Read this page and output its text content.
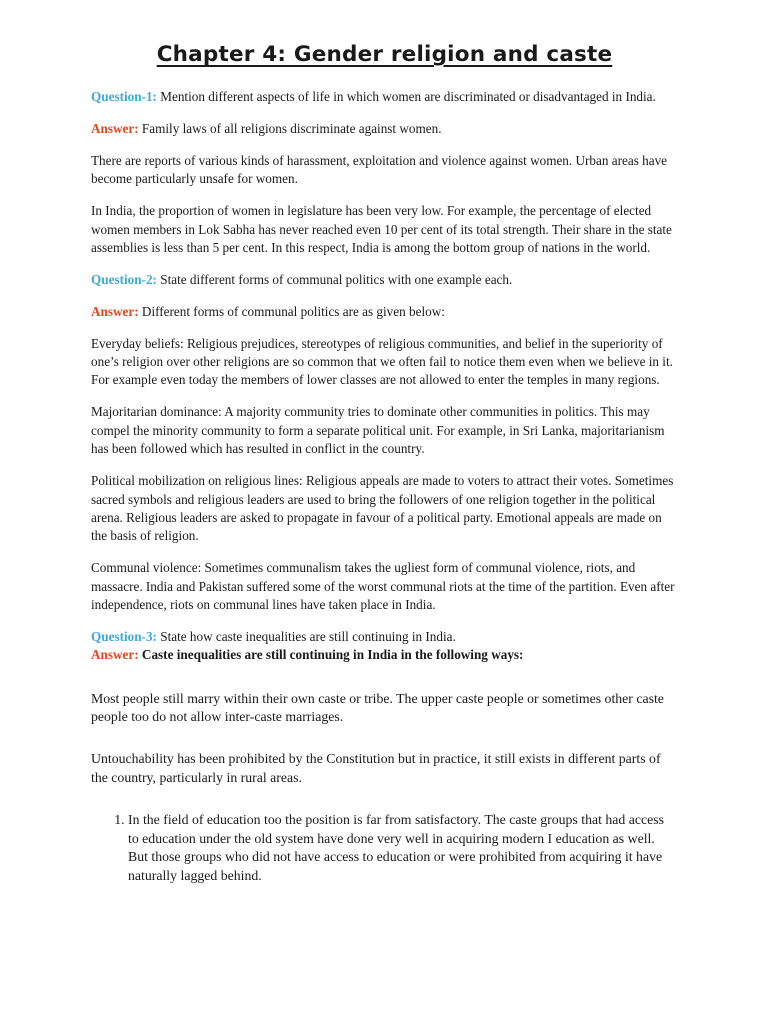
Chapter 4: Gender religion and caste

Question-1: Mention different aspects of life in which women are discriminated or disadvantaged in India.

Answer: Family laws of all religions discriminate against women.

There are reports of various kinds of harassment, exploitation and violence against women. Urban areas have become particularly unsafe for women.

In India, the proportion of women in legislature has been very low. For example, the percentage of elected women members in Lok Sabha has never reached even 10 per cent of its total strength. Their share in the state assemblies is less than 5 per cent. In this respect, India is among the bottom group of nations in the world.

Question-2: State different forms of communal politics with one example each.

Answer: Different forms of communal politics are as given below:

Everyday beliefs: Religious prejudices, stereotypes of religious communities, and belief in the superiority of one’s religion over other religions are so common that we often fail to notice them even when we believe in it. For example even today the members of lower classes are not allowed to enter the temples in many regions.

Majoritarian dominance: A majority community tries to dominate other communities in politics. This may compel the minority community to form a separate political unit. For example, in Sri Lanka, majoritarianism has been followed which has resulted in conflict in the country.

Political mobilization on religious lines: Religious appeals are made to voters to attract their votes. Sometimes sacred symbols and religious leaders are used to bring the followers of one religion together in the political arena. Religious leaders are asked to propagate in favour of a political party. Emotional appeals are made on the basis of religion.

Communal violence: Sometimes communalism takes the ugliest form of communal violence, riots, and massacre. India and Pakistan suffered some of the worst communal riots at the time of the partition. Even after independence, riots on communal lines have taken place in India.

Question-3: State how caste inequalities are still continuing in India.

Answer: Caste inequalities are still continuing in India in the following ways:

Most people still marry within their own caste or tribe. The upper caste people or sometimes other caste people too do not allow inter-caste marriages.

Untouchability has been prohibited by the Constitution but in practice, it still exists in different parts of the country, particularly in rural areas.

1. In the field of education too the position is far from satisfactory. The caste groups that had access to education under the old system have done very well in acquiring modern I education as well. But those groups who did not have access to education or were prohibited from acquiring it have naturally lagged behind.
